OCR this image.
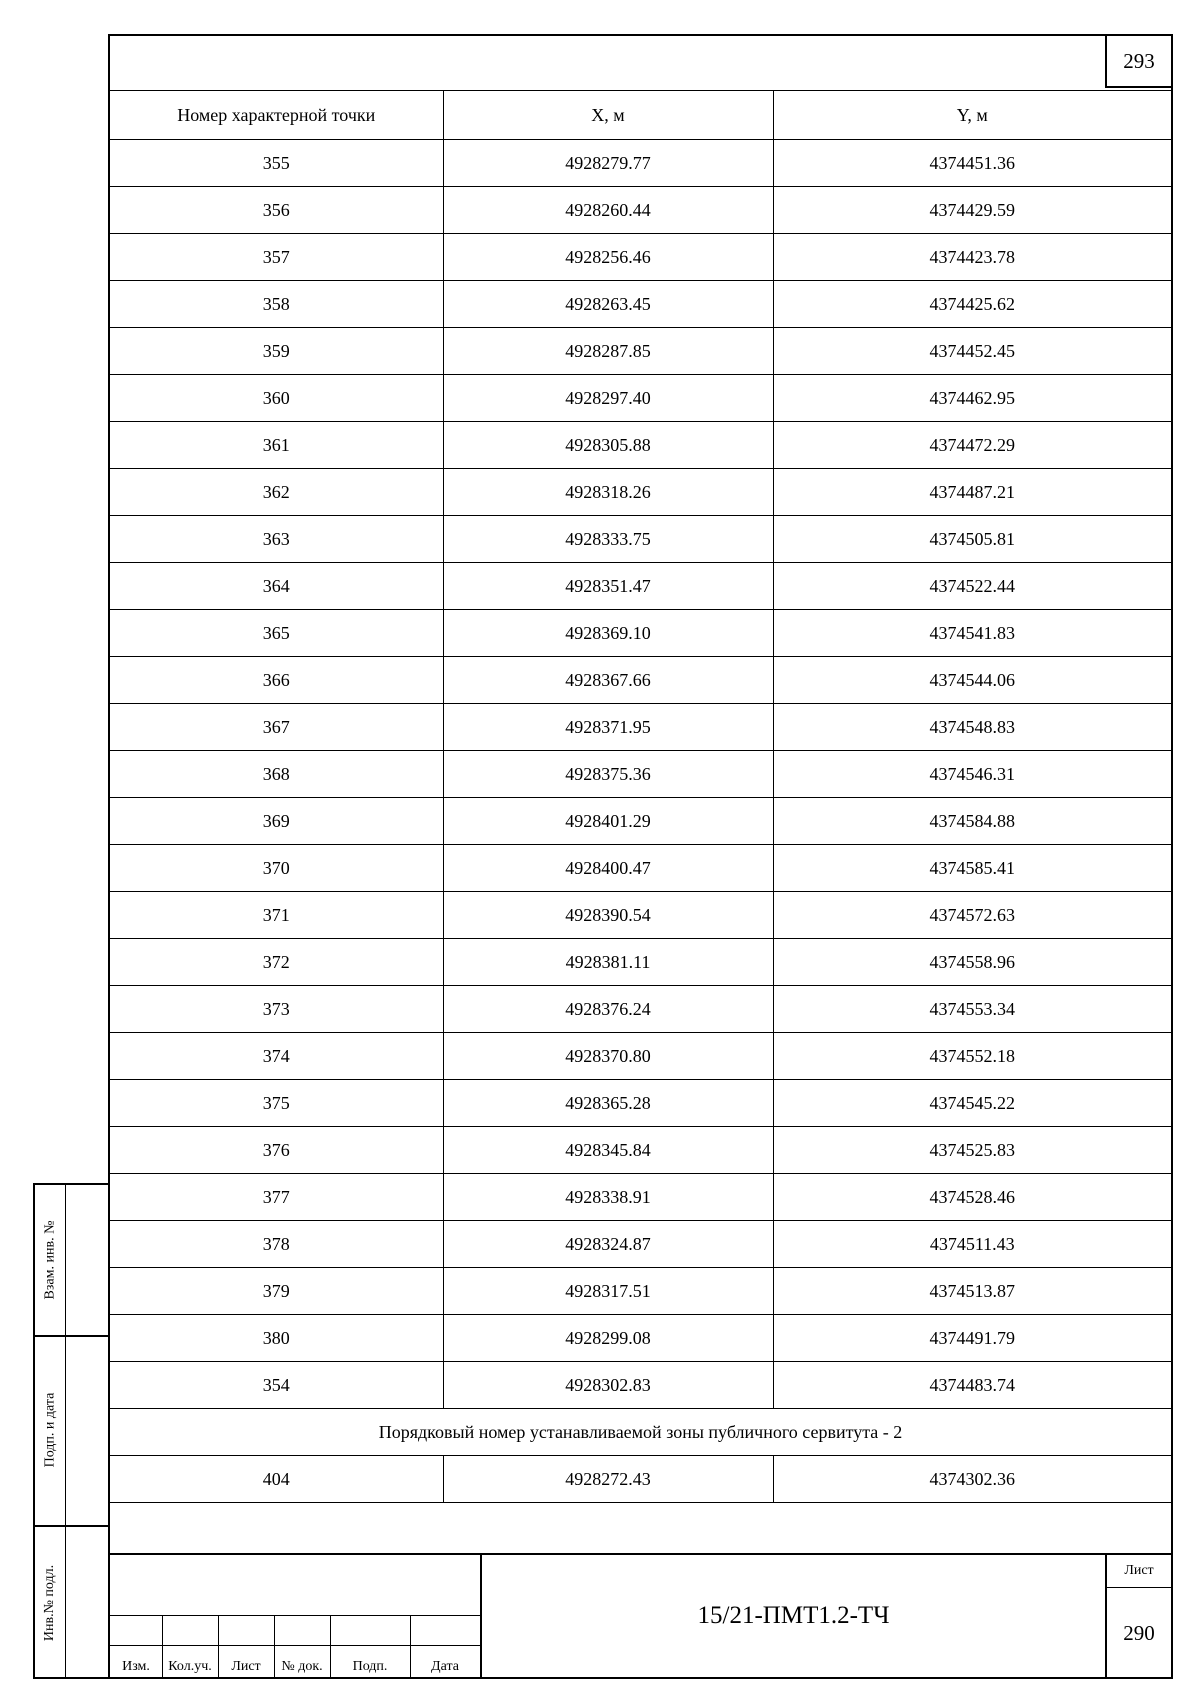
293
Номер характерной точки	X, м	Y, м
355	4928279.77	4374451.36
356	4928260.44	4374429.59
357	4928256.46	4374423.78
358	4928263.45	4374425.62
359	4928287.85	4374452.45
360	4928297.40	4374462.95
361	4928305.88	4374472.29
362	4928318.26	4374487.21
363	4928333.75	4374505.81
364	4928351.47	4374522.44
365	4928369.10	4374541.83
366	4928367.66	4374544.06
367	4928371.95	4374548.83
368	4928375.36	4374546.31
369	4928401.29	4374584.88
370	4928400.47	4374585.41
371	4928390.54	4374572.63
372	4928381.11	4374558.96
373	4928376.24	4374553.34
374	4928370.80	4374552.18
375	4928365.28	4374545.22
376	4928345.84	4374525.83
377	4928338.91	4374528.46
378	4928324.87	4374511.43
379	4928317.51	4374513.87
380	4928299.08	4374491.79
354	4928302.83	4374483.74
Порядковый номер устанавливаемой зоны публичного сервитута - 2		
404	4928272.43	4374302.36
Изм.	Кол.уч.	Лист	№ док.	Подп.	Дата
15/21-ПМТ1.2-ТЧ
Лист
290
Взам. инв. №
Подп. и дата
Инв.№ подл.
